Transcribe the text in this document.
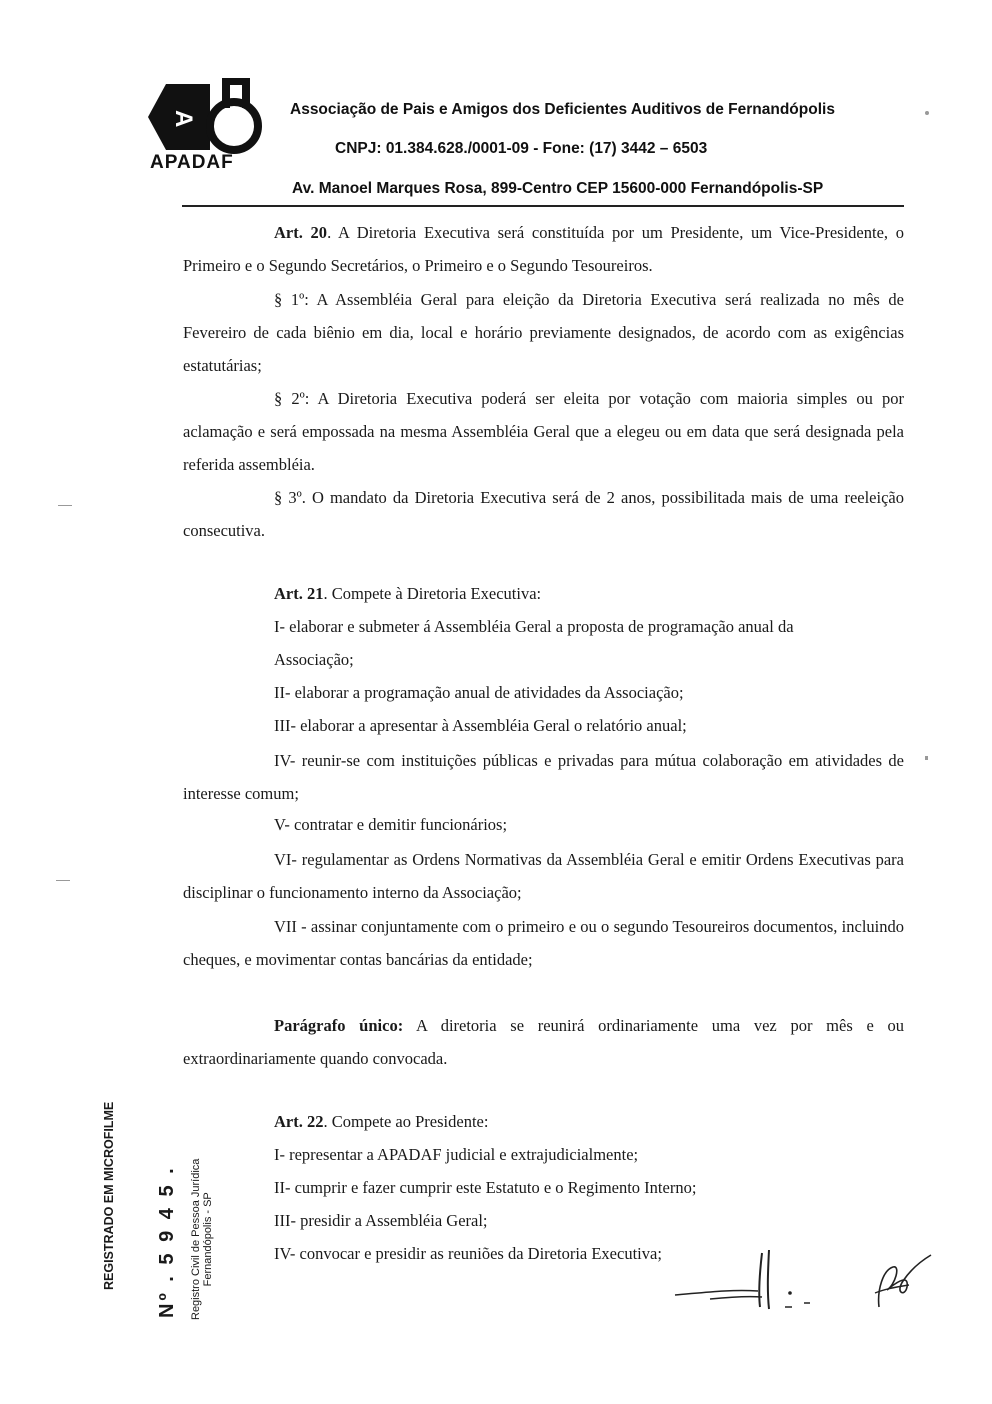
A
APADAF
Associação de Pais e Amigos dos Deficientes Auditivos de Fernandópolis
CNPJ: 01.384.628./0001-09 - Fone: (17) 3442 – 6503
Av. Manoel Marques Rosa, 899-Centro CEP 15600-000 Fernandópolis-SP
Art. 20. A Diretoria Executiva será constituída por um Presidente, um Vice-Presidente, o Primeiro e o Segundo Secretários, o Primeiro e o Segundo Tesoureiros.
§ 1º: A Assembléia Geral para eleição da Diretoria Executiva será realizada no mês de Fevereiro de cada biênio em dia, local e horário previamente designados, de acordo com as exigências estatutárias;
§ 2º: A Diretoria Executiva poderá ser eleita por votação com maioria simples ou por aclamação e será empossada na mesma Assembléia Geral que a elegeu ou em data que será designada pela referida assembléia.
§ 3º. O mandato da Diretoria Executiva será de 2 anos, possibilitada mais de uma reeleição consecutiva.
Art. 21. Compete à Diretoria Executiva:
I- elaborar e submeter á Assembléia Geral a proposta de programação anual da
Associação;
II- elaborar a programação anual de atividades da Associação;
III- elaborar a apresentar à Assembléia Geral o relatório anual;
IV- reunir-se com instituições públicas e privadas para mútua colaboração em atividades de interesse comum;
V- contratar e demitir funcionários;
VI- regulamentar as Ordens Normativas da Assembléia Geral e emitir Ordens Executivas para disciplinar o funcionamento interno da Associação;
VII - assinar conjuntamente com o primeiro e ou o segundo Tesoureiros documentos, incluindo cheques, e movimentar contas bancárias da entidade;
Parágrafo único: A diretoria se reunirá ordinariamente uma vez por mês e ou extraordinariamente quando convocada.
Art. 22. Compete ao Presidente:
I- representar a APADAF judicial e extrajudicialmente;
II- cumprir e fazer cumprir este Estatuto e o Regimento Interno;
III- presidir a Assembléia Geral;
IV- convocar e presidir as reuniões da Diretoria Executiva;
REGISTRADO EM MICROFILME Nº . 5 9 4 5 . Registro Civil de Pessoa Jurídica Fernandópolis - SP
